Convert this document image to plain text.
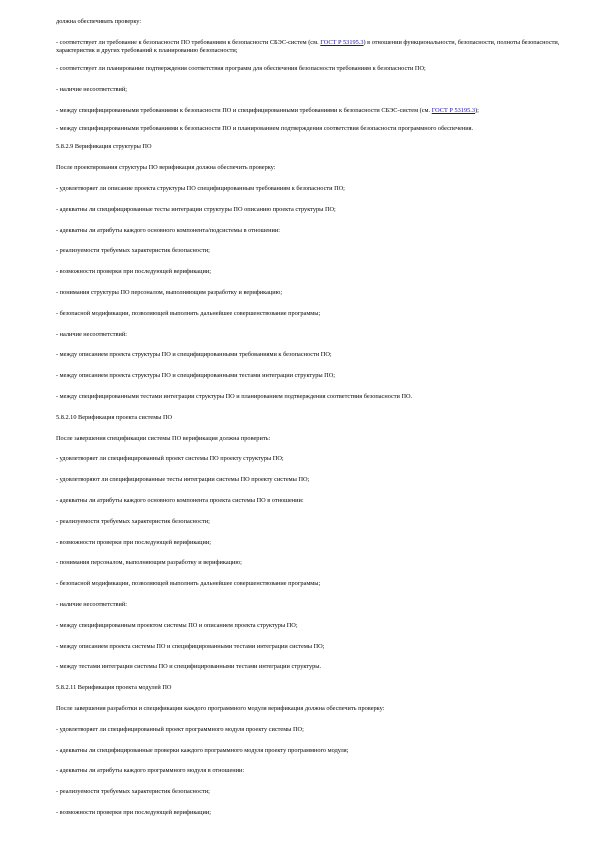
должна обеспечивать проверку:

- соответствует ли требование к безопасности ПО требованиям к безопасности СБЭС-систем (см. ГОСТ Р 53195.3) в отношении функциональности, безопасности, полноты безопасности, характеристик и других требований к планированию безопасности;

- соответствует ли планирование подтверждения соответствия программ для обеспечения безопасности требованиям к безопасности ПО;

- наличие несоответствий;

- между специфицированными требованиями к безопасности ПО и специфицированными требованиями к безопасности СБЭС-систем (см. ГОСТ Р 53195.3);

- между специфицированными требованиями к безопасности ПО и планированием подтверждения соответствия безопасности программного обеспечения.

5.8.2.9 Верификация структуры ПО

После проектирования структуры ПО верификация должна обеспечить проверку:

- удовлетворяет ли описание проекта структуры ПО специфицированным требованиям к безопасности ПО;

- адекватны ли специфицированные тесты интеграции структуры ПО описанию проекта структуры ПО;

- адекватны ли атрибуты каждого основного компонента/подсистемы в отношении:

- реализуемости требуемых характеристик безопасности;

- возможности проверки при последующей верификации;

- понимания структуры ПО персоналом, выполняющим разработку и верификацию;

- безопасной модификации, позволяющей выполнять дальнейшее совершенствование программы;

- наличие несоответствий:

- между описанием проекта структуры ПО и специфицированными требованиями к безопасности ПО;

- между описанием проекта структуры ПО и специфицированными тестами интеграции структуры ПО;

- между специфицированными тестами интеграции структуры ПО и планированием подтверждения соответствия безопасности ПО.

5.8.2.10 Верификация проекта системы ПО

После завершения спецификации системы ПО верификация должна проверить:

- удовлетворяет ли специфицированный проект системы ПО проекту структуры ПО;

- удовлетворяют ли специфицированные тесты интеграции системы ПО проекту системы ПО;

- адекватны ли атрибуты каждого основного компонента проекта системы ПО в отношении:

- реализуемости требуемых характеристик безопасности;

- возможности проверки при последующей верификации;

- понимания персоналом, выполняющим разработку и верификацию;

- безопасной модификации, позволяющей выполнять дальнейшее совершенствование программы;

- наличие несоответствий:

- между специфицированным проектом системы ПО и описанием проекта структуры ПО;

- между описанием проекта системы ПО и специфицированными тестами интеграции системы ПО;

- между тестами интеграции системы ПО и специфицированными тестами интеграции структуры.

5.8.2.11 Верификация проекта модулей ПО

После завершения разработки и спецификации каждого программного модуля верификация должна обеспечить проверку:

- удовлетворяет ли специфицированный проект программного модуля проекту системы ПО;

- адекватны ли специфицированные проверки каждого программного модуля проекту программного модуля;

- адекватны ли атрибуты каждого программного модуля в отношении:

- реализуемости требуемых характеристик безопасности;

- возможности проверки при последующей верификации;
